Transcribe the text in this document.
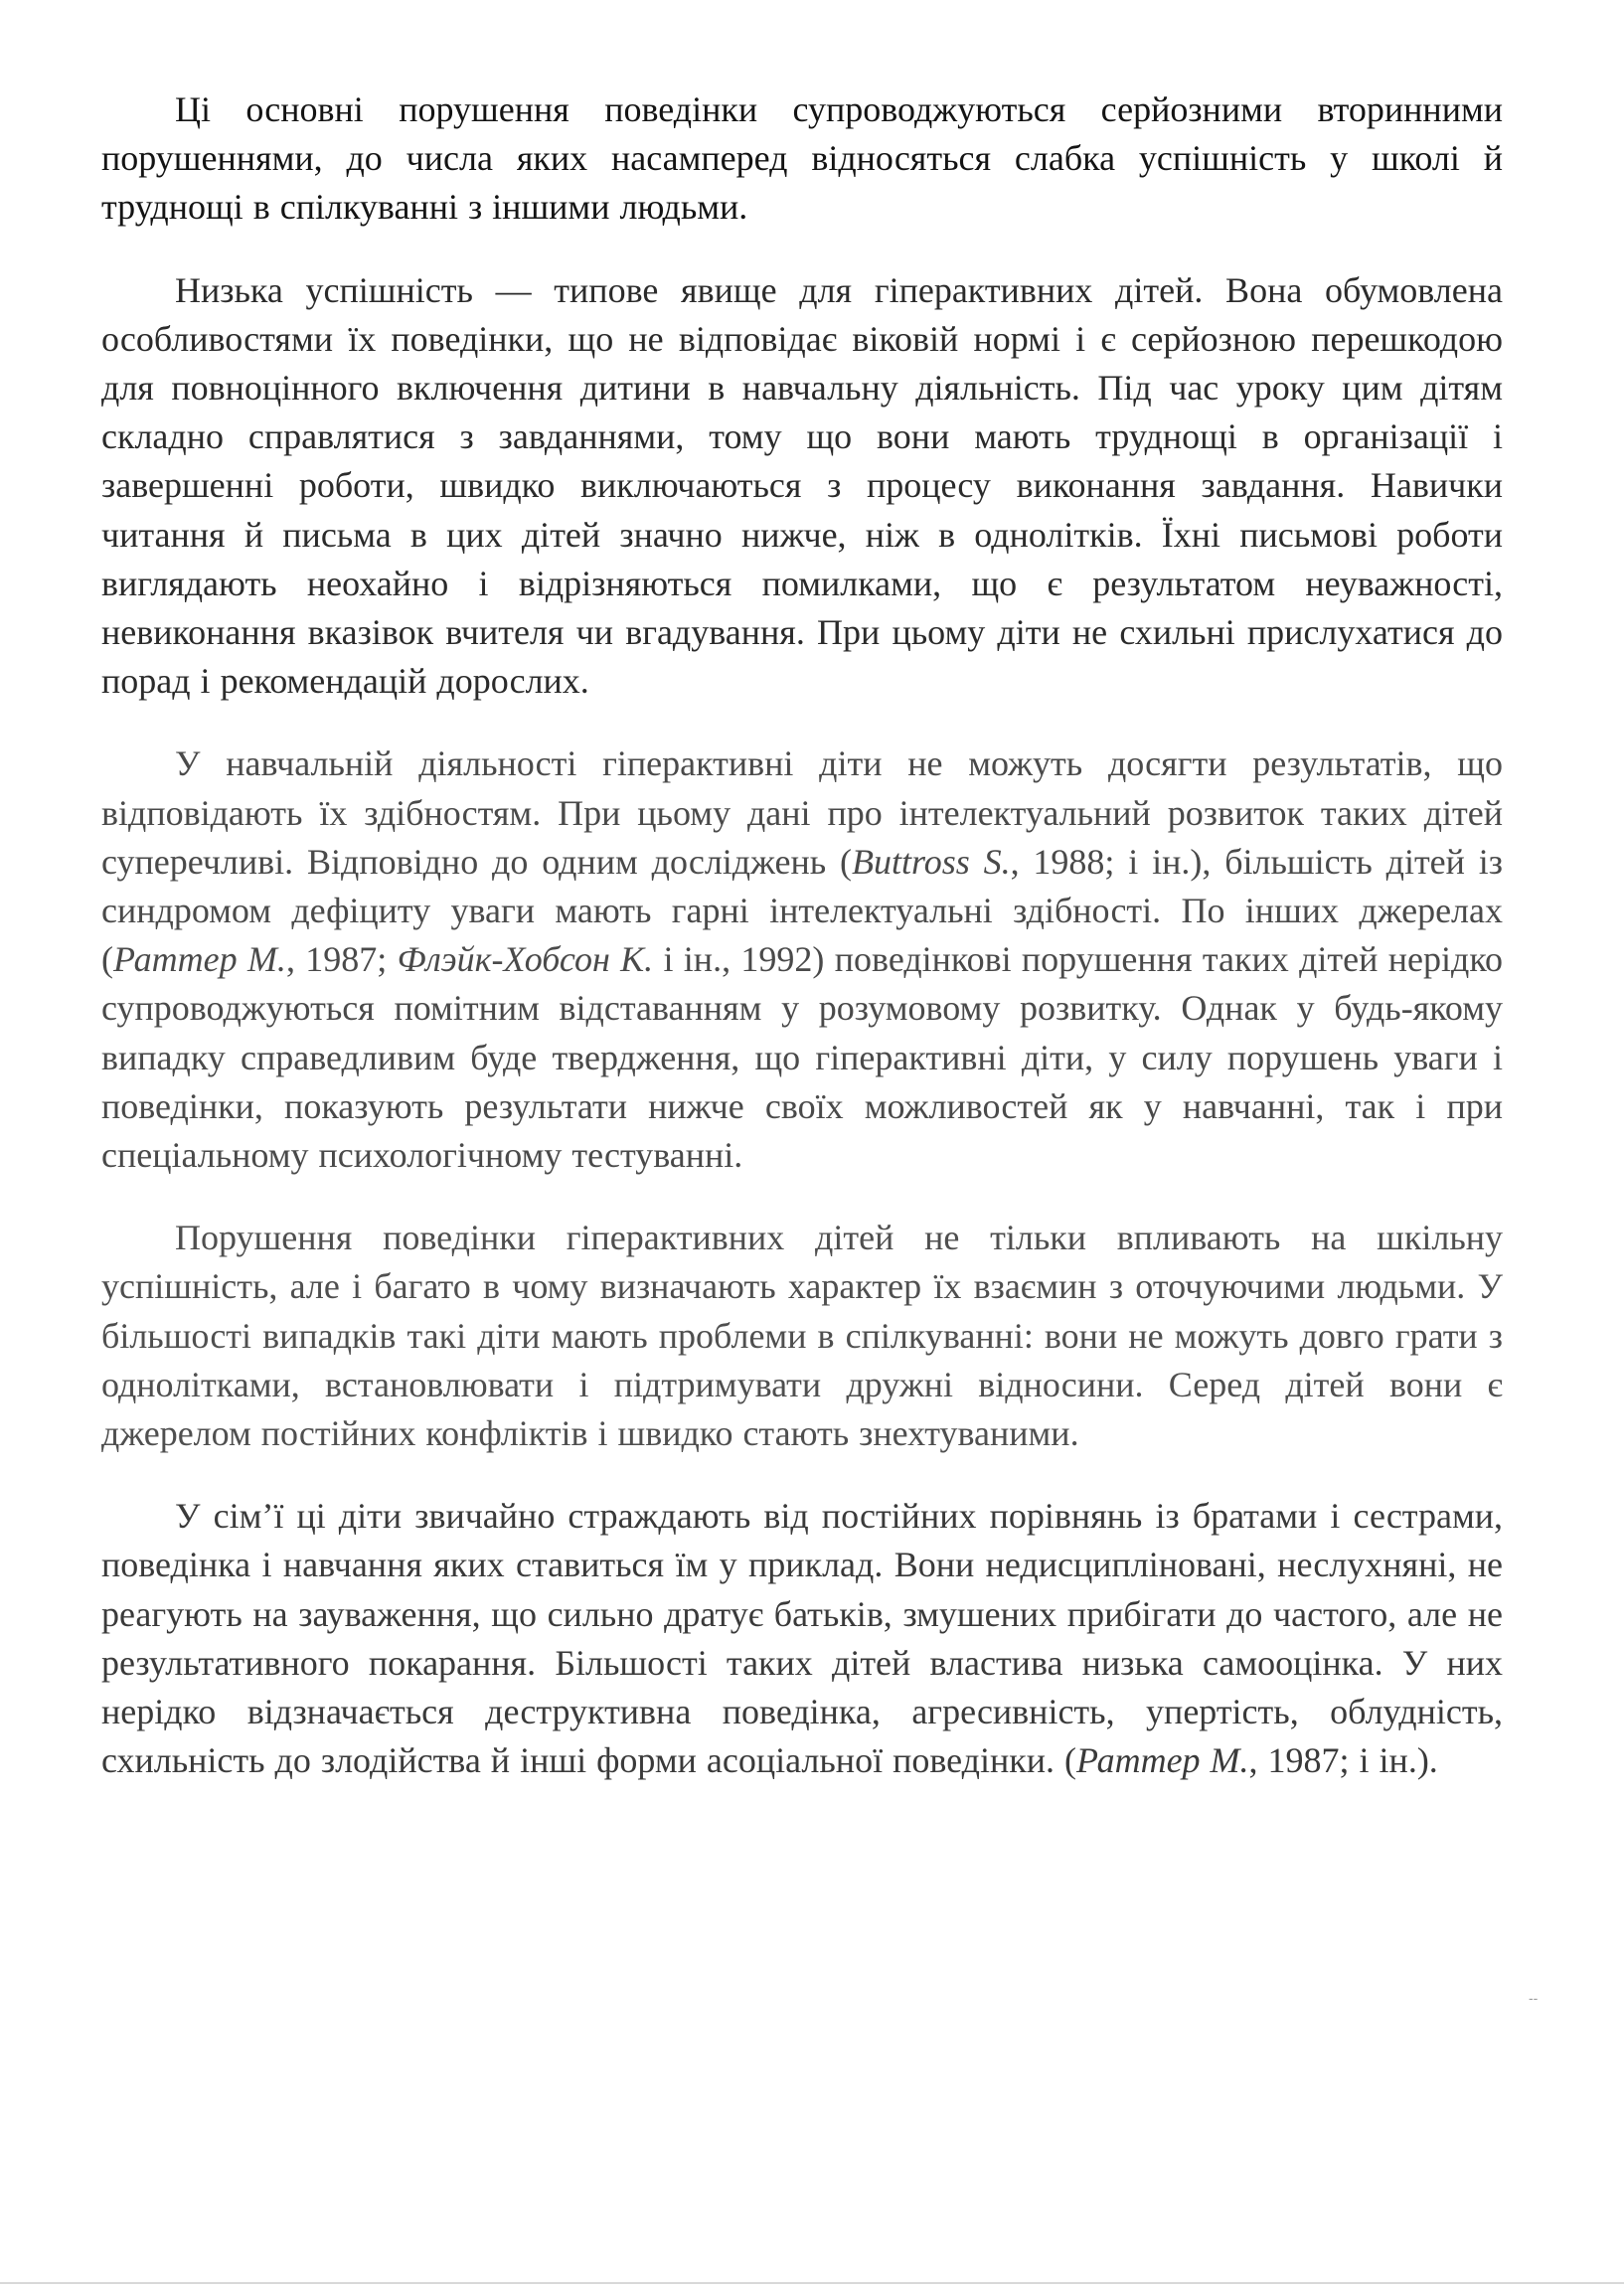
Ці основні порушення поведінки супроводжуються серйозними вторинними порушеннями, до числа яких насамперед відносяться слабка успішність у школі й труднощі в спілкуванні з іншими людьми.

Низька успішність — типове явище для гіперактивних дітей. Вона обумовлена особливостями їх поведінки, що не відповідає віковій нормі і є серйозною перешкодою для повноцінного включення дитини в навчальну діяльність. Під час уроку цим дітям складно справлятися з завданнями, тому що вони мають труднощі в організації і завершенні роботи, швидко виключаються з процесу виконання завдання. Навички читання й письма в цих дітей значно нижче, ніж в однолітків. Їхні письмові роботи виглядають неохайно і відрізняються помилками, що є результатом неуважності, невиконання вказівок вчителя чи вгадування. При цьому діти не схильні прислухатися до порад і рекомендацій дорослих.

У навчальній діяльності гіперактивні діти не можуть досягти результатів, що відповідають їх здібностям. При цьому дані про інтелектуальний розвиток таких дітей суперечливі. Відповідно до одним досліджень (Buttross S., 1988; і ін.), більшість дітей із синдромом дефіциту уваги мають гарні інтелектуальні здібності. По інших джерелах (Раттер М., 1987; Флэйк-Хобсон К. і ін., 1992) поведінкові порушення таких дітей нерідко супроводжуються помітним відставанням у розумовому розвитку. Однак у будь-якому випадку справедливим буде твердження, що гіперактивні діти, у силу порушень уваги і поведінки, показують результати нижче своїх можливостей як у навчанні, так і при спеціальному психологічному тестуванні.

Порушення поведінки гіперактивних дітей не тільки впливають на шкільну успішність, але і багато в чому визначають характер їх взаємин з оточуючими людьми. У більшості випадків такі діти мають проблеми в спілкуванні: вони не можуть довго грати з однолітками, встановлювати і підтримувати дружні відносини. Серед дітей вони є джерелом постійних конфліктів і швидко стають знехтуваними.

У сім’ї ці діти звичайно страждають від постійних порівнянь із братами і сестрами, поведінка і навчання яких ставиться їм у приклад. Вони недисципліновані, неслухняні, не реагують на зауваження, що сильно дратує батьків, змушених прибігати до частого, але не результативного покарання. Більшості таких дітей властива низька самооцінка. У них нерідко відзначається деструктивна поведінка, агресивність, упертість, облудність, схильність до злодійства й інші форми асоціальної поведінки. (Раттер М., 1987; і ін.).

--
